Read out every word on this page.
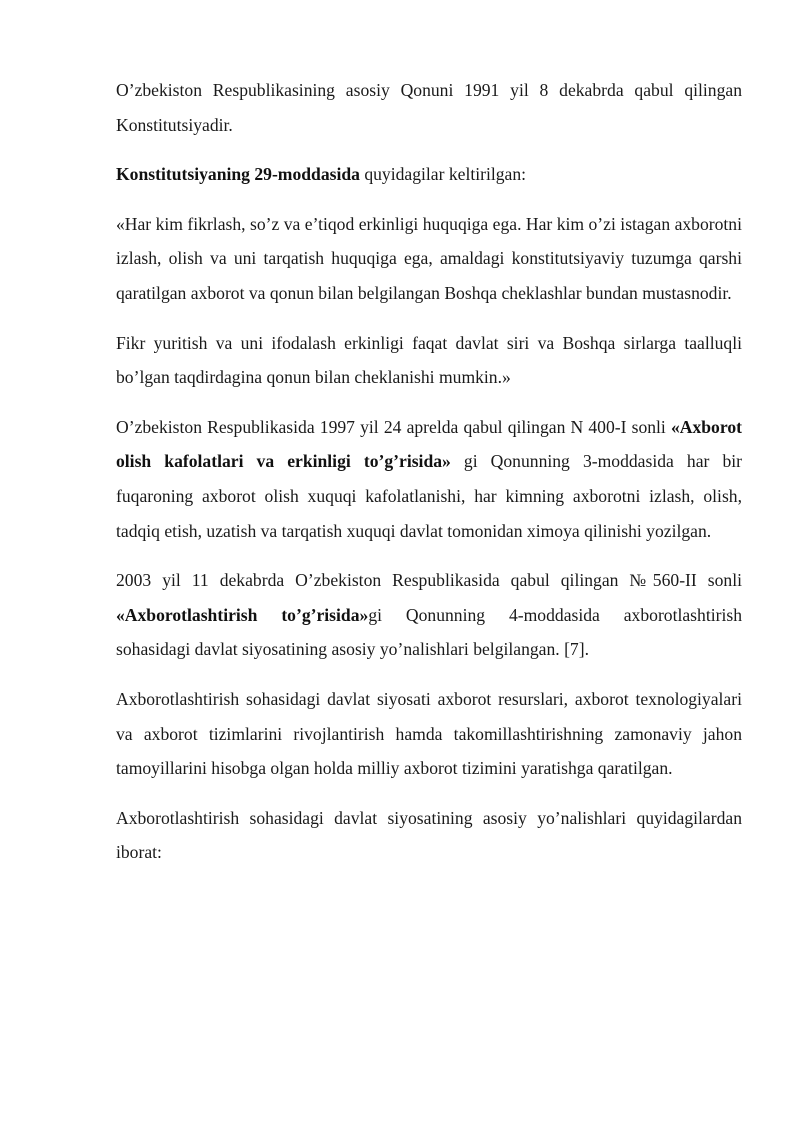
O’zbekiston Respublikasining asosiy Qonuni 1991 yil 8 dekabrda qabul qilingan Konstitutsiyadir.

Konstitutsiyaning 29-moddasida quyidagilar keltirilgan:

«Har kim fikrlash, so’z va e’tiqod erkinligi huquqiga ega. Har kim o’zi istagan axborotni izlash, olish va uni tarqatish huquqiga ega, amaldagi konstitutsiyaviy tuzumga qarshi qaratilgan axborot va qonun bilan belgilangan Boshqa cheklashlar bundan mustasnodir.

Fikr yuritish va uni ifodalash erkinligi faqat davlat siri va Boshqa sirlarga taalluqli bo’lgan taqdirdagina qonun bilan cheklanishi mumkin.»

O’zbekiston Respublikasida 1997 yil 24 aprelda qabul qilingan N 400-I sonli «Axborot olish kafolatlari va erkinligi to’g’risida» gi Qonunning 3-moddasida har bir fuqaroning axborot olish xuquqi kafolatlanishi, har kimning axborotni izlash, olish, tadqiq etish, uzatish va tarqatish xuquqi davlat tomonidan ximoya qilinishi yozilgan.

2003 yil 11 dekabrda O’zbekiston Respublikasida qabul qilingan №560-II sonli «Axborotlashtirish to’g’risida»gi Qonunning 4-moddasida axborotlashtirish sohasidagi davlat siyosatining asosiy yo’nalishlari belgilangan. [7].

Axborotlashtirish sohasidagi davlat siyosati axborot resurslari, axborot texnologiyalari va axborot tizimlarini rivojlantirish hamda takomillashtirishning zamonaviy jahon tamoyillarini hisobga olgan holda milliy axborot tizimini yaratishga qaratilgan.

Axborotlashtirish sohasidagi davlat siyosatining asosiy yo’nalishlari quyidagilardan iborat:
